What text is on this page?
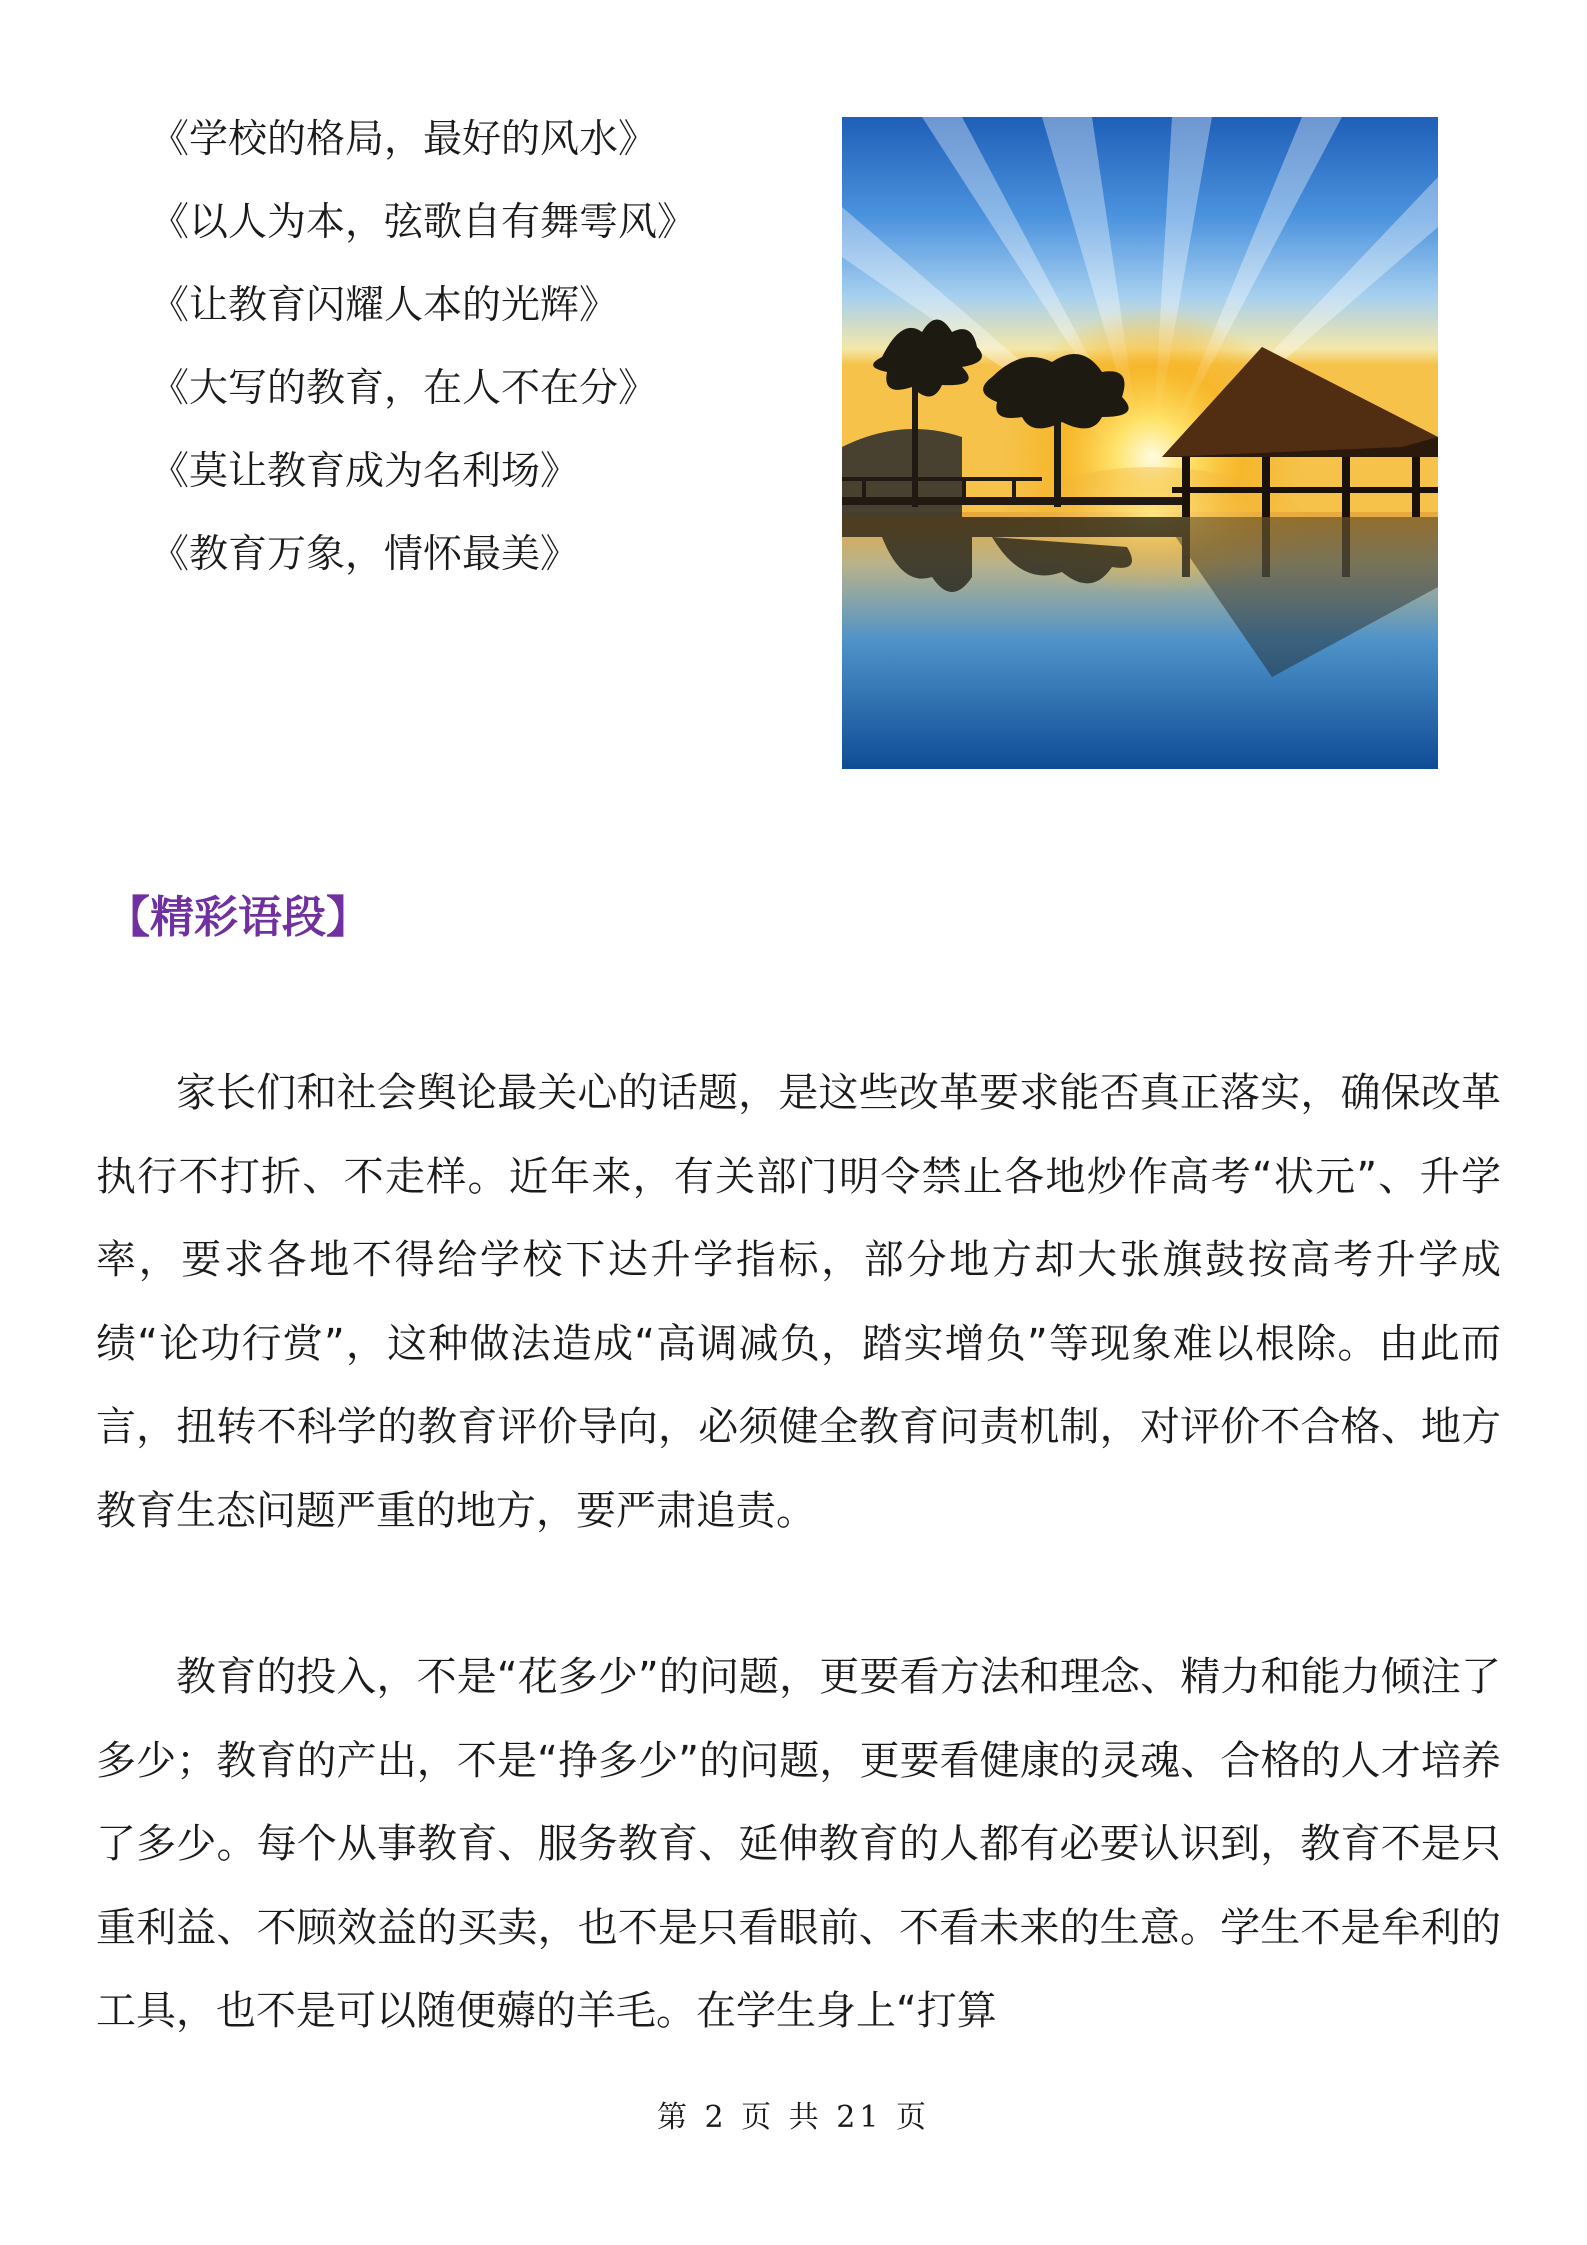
《学校的格局，最好的风水》
《以人为本，弦歌自有舞雩风》
《让教育闪耀人本的光辉》
《大写的教育，在人不在分》
《莫让教育成为名利场》
《教育万象，情怀最美》
【精彩语段】

家长们和社会舆论最关心的话题，是这些改革要求能否真正落实，确保改革执行不打折、不走样。近年来，有关部门明令禁止各地炒作高考“状元”、升学率，要求各地不得给学校下达升学指标，部分地方却大张旗鼓按高考升学成绩“论功行赏”，这种做法造成“高调减负，踏实增负”等现象难以根除。由此而言，扭转不科学的教育评价导向，必须健全教育问责机制，对评价不合格、地方教育生态问题严重的地方，要严肃追责。

教育的投入，不是“花多少”的问题，更要看方法和理念、精力和能力倾注了多少；教育的产出，不是“挣多少”的问题，更要看健康的灵魂、合格的人才培养了多少。每个从事教育、服务教育、延伸教育的人都有必要认识到，教育不是只重利益、不顾效益的买卖，也不是只看眼前、不看未来的生意。学生不是牟利的工具，也不是可以随便薅的羊毛。在学生身上“打算

第 2 页 共 21 页
